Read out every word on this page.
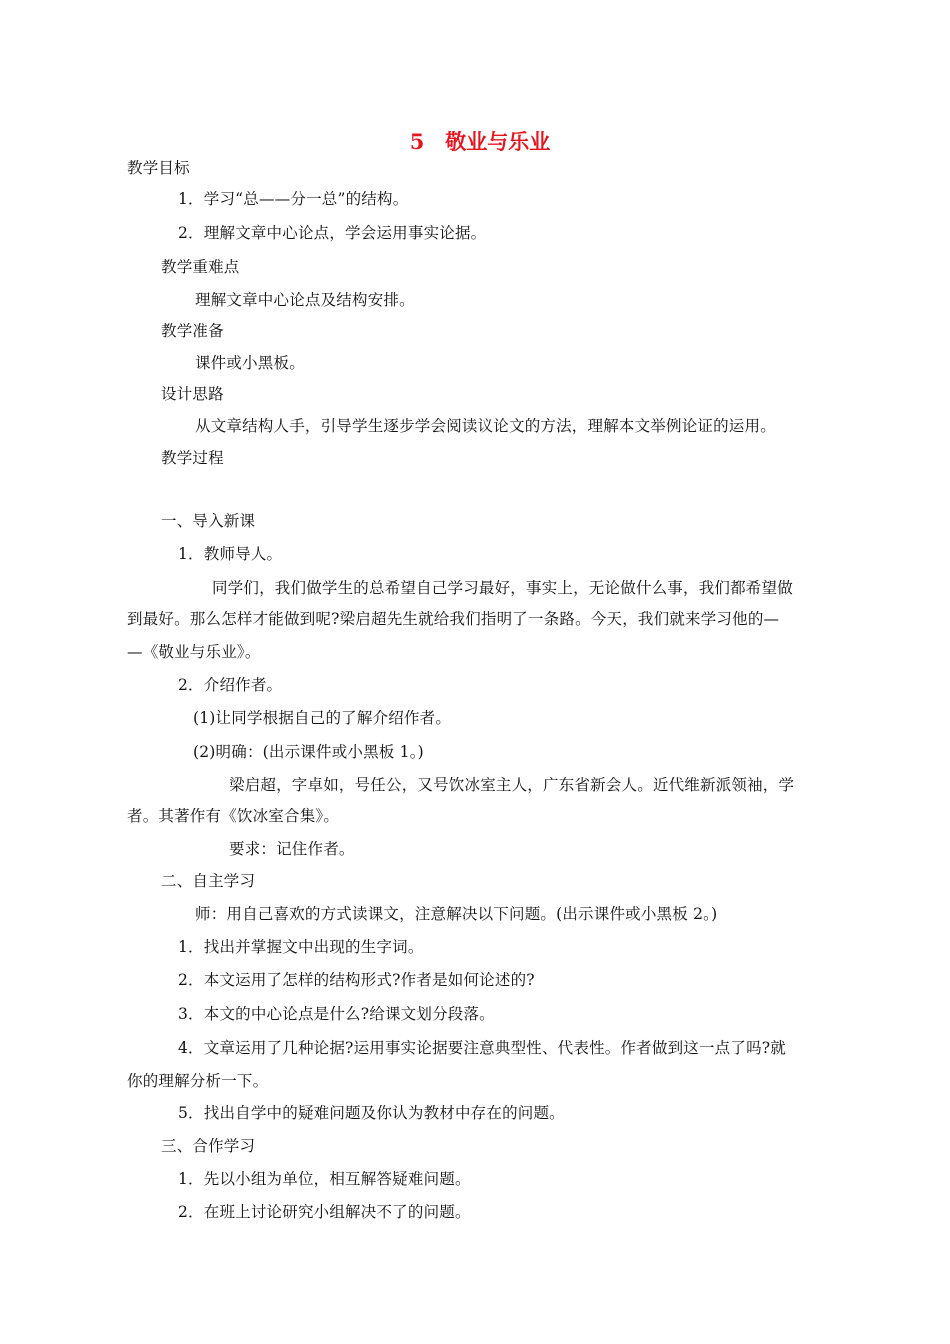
5　敬业与乐业
教学目标
1．学习“总——分一总”的结构。
2．理解文章中心论点，学会运用事实论据。
教学重难点
理解文章中心论点及结构安排。
教学准备
课件或小黑板。
设计思路
从文章结构人手，引导学生逐步学会阅读议论文的方法，理解本文举例论证的运用。
教学过程
一、导入新课
1．教师导人。
同学们，我们做学生的总希望自己学习最好，事实上，无论做什么事，我们都希望做
到最好。那么怎样才能做到呢?梁启超先生就给我们指明了一条路。今天，我们就来学习他的—
—《敬业与乐业》。
2．介绍作者。
(1)让同学根据自己的了解介绍作者。
(2)明确：(出示课件或小黑板 1。)
梁启超，字卓如，号任公，又号饮冰室主人，广东省新会人。近代维新派领袖，学
者。其著作有《饮冰室合集》。
要求：记住作者。
二、自主学习
师：用自己喜欢的方式读课文，注意解决以下问题。(出示课件或小黑板 2。)
1．找出并掌握文中出现的生字词。
2．本文运用了怎样的结构形式?作者是如何论述的?
3．本文的中心论点是什么?给课文划分段落。
4．文章运用了几种论据?运用事实论据要注意典型性、代表性。作者做到这一点了吗?就
你的理解分析一下。
5．找出自学中的疑难问题及你认为教材中存在的问题。
三、合作学习
1．先以小组为单位，相互解答疑难问题。
2．在班上讨论研究小组解决不了的问题。
